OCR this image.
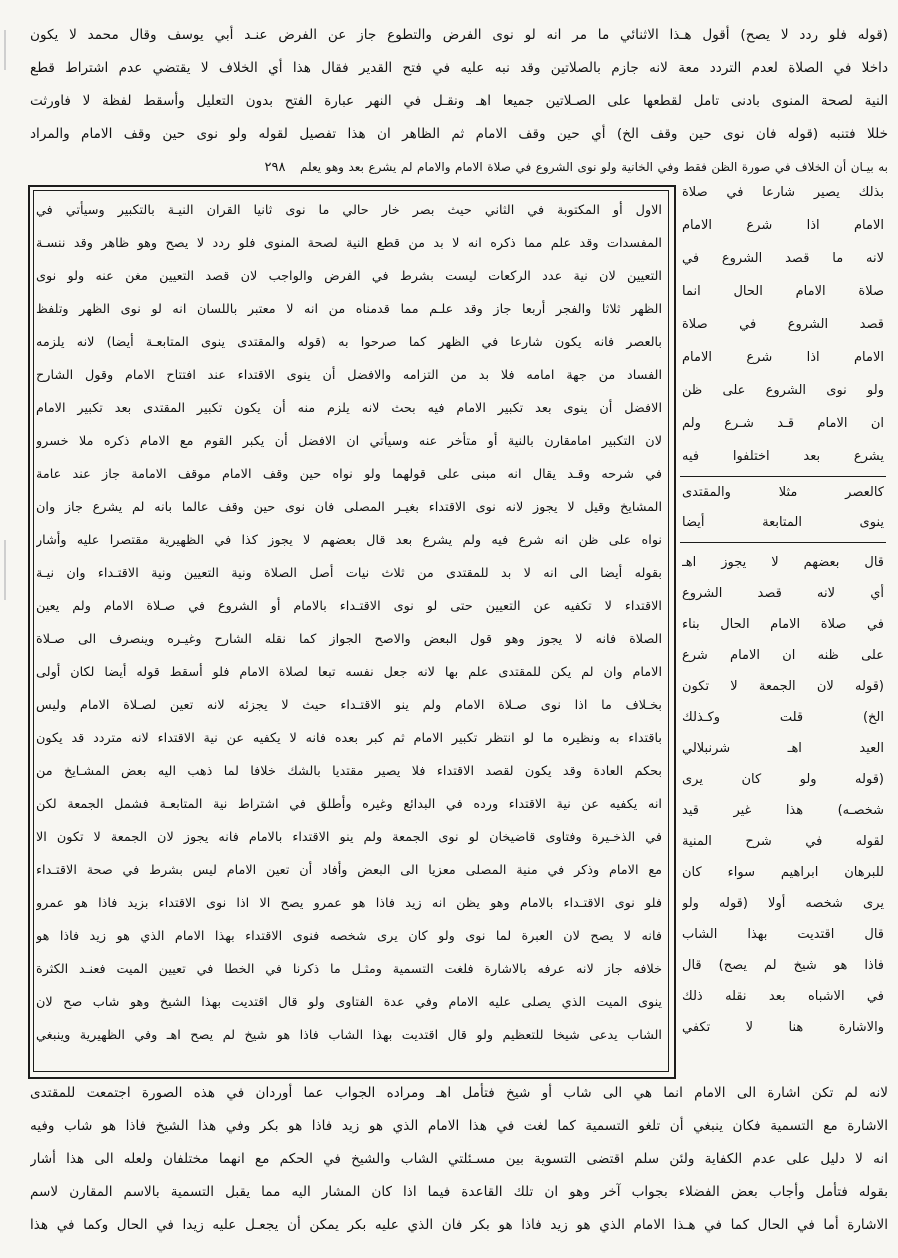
(قوله فلو ردد لا يصح) أقول هـذا الاثنائي ما مر انه لو نوى الفرض والتطوع جاز عن الفرض عنـد أبي يوسف وقال محمد لا يكون
داخلا في الصلاة لعدم التردد معة لانه جازم بالصلاتين وقد نبه عليه في فتح القدير فقال هذا أي الخلاف لا يقتضي عدم اشتراط قطع
النية لصحة المنوى بادنى تامل لقطعها على الصـلاتين جميعا اهـ ونقـل في النهر عبارة الفتح بدون التعليل وأسقط لفظة لا فاورثت
خللا فتنبه (قوله فان نوى حين وقف الخ) أي حين وقف الامام ثم الظاهر ان هذا تفصيل لقوله ولو نوى حين وقف الامام والمراد
به بيـان أن الخلاف في صورة الظن فقط وفي الخانية ولو نوى الشروع في صلاة الامام والامام لم يشرع بعد وهو يعلم
٢٩٨
الاول أو المكتوبة في الثاني حيث بصر خار حالي ما نوى ثانيا القران النيـة بالتكبير وسيأتي في
المفسدات وقد علم مما ذكره انه لا بد من قطع النية لصحة المنوى فلو ردد لا يصح وهو ظاهر وقد ننسـة
التعيين لان نية عدد الركعات ليست بشرط في الفرض والواجب لان قصد التعيين مغن عنه ولو نوى
الظهر ثلاثا والفجر أربعا جاز وقد علـم مما قدمناه من انه لا معتبر باللسان انه لو نوى الظهر وتلفظ
بالعصر فانه يكون شارعا في الظهر كما صرحوا به (قوله والمقتدى ينوى المتابعـة أيضا) لانه يلزمه
الفساد من جهة امامه فلا بد من التزامه والافضل أن ينوى الاقتداء عند افتتاح الامام وقول الشارح
الافضل أن ينوى بعد تكبير الامام فيه بحث لانه يلزم منه أن يكون تكبير المقتدى بعد تكبير الامام
لان التكبير امامقارن بالنية أو متأخر عنه وسيأتي ان الافضل أن يكبر القوم مع الامام ذكره ملا خسرو
في شرحه وقـد يقال انه مبنى على قولهما ولو نواه حين وقف الامام موقف الامامة جاز عند عامة
المشايخ وقيل لا يجوز لانه نوى الاقتداء بغيـر المصلى فان نوى حين وقف عالما بانه لم يشرع جاز وان
نواه على ظن انه شرع فيه ولم يشرع بعد قال بعضهم لا يجوز كذا في الظهيرية مقتصرا عليه وأشار
بقوله أيضا الى انه لا بد للمقتدى من ثلاث نيات أصل الصلاة ونية التعيين ونية الاقتـداء وان نيـة
الاقتداء لا تكفيه عن التعيين حتى لو نوى الاقتـداء بالامام أو الشروع في صـلاة الامام ولم يعين
الصلاة فانه لا يجوز وهو قول البعض والاصح الجواز كما نقله الشارح وغيـره وينصرف الى صـلاة
الامام وان لم يكن للمقتدى علم بها لانه جعل نفسه تبعا لصلاة الامام فلو أسقط قوله أيضا لكان أولى
بخـلاف ما اذا نوى صـلاة الامام ولم ينو الاقتـداء حيث لا يجزئه لانه تعين لصـلاة الامام وليس
باقتداء به ونظيره ما لو انتظر تكبير الامام ثم كبر بعده فانه لا يكفيه عن نية الاقتداء لانه متردد قد يكون
بحكم العادة وقد يكون لقصد الاقتداء فلا يصير مقتديا بالشك خلافا لما ذهب اليه بعض المشـايخ من
انه يكفيه عن نية الاقتداء ورده في البدائع وغيره وأطلق في اشتراط نية المتابعـة فشمل الجمعة لكن
في الذخـيرة وفتاوى قاضيخان لو نوى الجمعة ولم ينو الاقتداء بالامام فانه يجوز لان الجمعة لا تكون الا
مع الامام وذكر في منية المصلى معزيا الى البعض وأفاد أن تعين الامام ليس بشرط في صحة الاقتـداء
فلو نوى الاقتـداء بالامام وهو يظن انه زيد فاذا هو عمرو يصح الا اذا نوى الاقتداء بزيد فاذا هو عمرو
فانه لا يصح لان العبرة لما نوى ولو كان يرى شخصه فنوى الاقتداء بهذا الامام الذي هو زيد فاذا هو
خلافه جاز لانه عرفه بالاشارة فلغت التسمية ومثـل ما ذكرنا في الخطا في تعيين الميت فعنـد الكثرة
ينوى الميت الذي يصلى عليه الامام وفي عدة الفتاوى ولو قال اقتديت بهذا الشيخ وهو شاب صح لان
الشاب يدعى شيخا للتعظيم ولو قال اقتديت بهذا الشاب فاذا هو شيخ لم يصح اهـ وفي الظهيرية وينبغي
بذلك يصير شارعا في صلاة
الامام اذا شرع الامام
لانه ما قصد الشروع في
صلاة الامام الحال انما
قصد الشروع في صلاة
الامام اذا شرع الامام
ولو نوى الشروع على ظن
ان الامام قـد شـرع ولم
يشرع بعد اختلفوا فيه
كالعصر مثلا والمقتدى
ينوى المتابعة أيضا
قال بعضهم لا يجوز اهـ
أي لانه قصد الشروع
في صلاة الامام الحال بناء
على ظنه ان الامام شرع
(قوله لان الجمعة لا تكون
الخ) قلت وكـذلك
العيد اهـ شرنبلالي
(قوله ولو كان يرى
شخصـه) هذا غير قيد
لقوله في شرح المنية
للبرهان ابراهيم سواء كان
يرى شخصه أولا (قوله ولو
قال اقتديت بهذا الشاب
فاذا هو شيخ لم يصح) قال
في الاشباه بعد نقله ذلك
والاشارة هنا لا تكفي
لانه لم تكن اشارة الى الامام انما هي الى شاب أو شيخ فتأمل اهـ ومراده الجواب عما أوردان في هذه الصورة اجتمعت للمقتدى
الاشارة مع التسمية فكان ينبغي أن تلغو التسمية كما لغت في هذا الامام الذي هو زيد فاذا هو بكر وفي هذا الشيخ فاذا هو شاب وفيه
انه لا دليل على عدم الكفاية ولئن سلم اقتضى التسوية بين مسـئلتي الشاب والشيخ في الحكم مع انهما مختلفان ولعله الى هذا أشار
بقوله فتأمل وأجاب بعض الفضلاء بجواب آخر وهو ان تلك القاعدة فيما اذا كان المشار اليه مما يقبل التسمية بالاسم المقارن لاسم
الاشارة أما في الحال كما في هـذا الامام الذي هو زيد فاذا هو بكر فان الذي عليه بكر يمكن أن يجعـل عليه زيدا في الحال وكما في هذا
